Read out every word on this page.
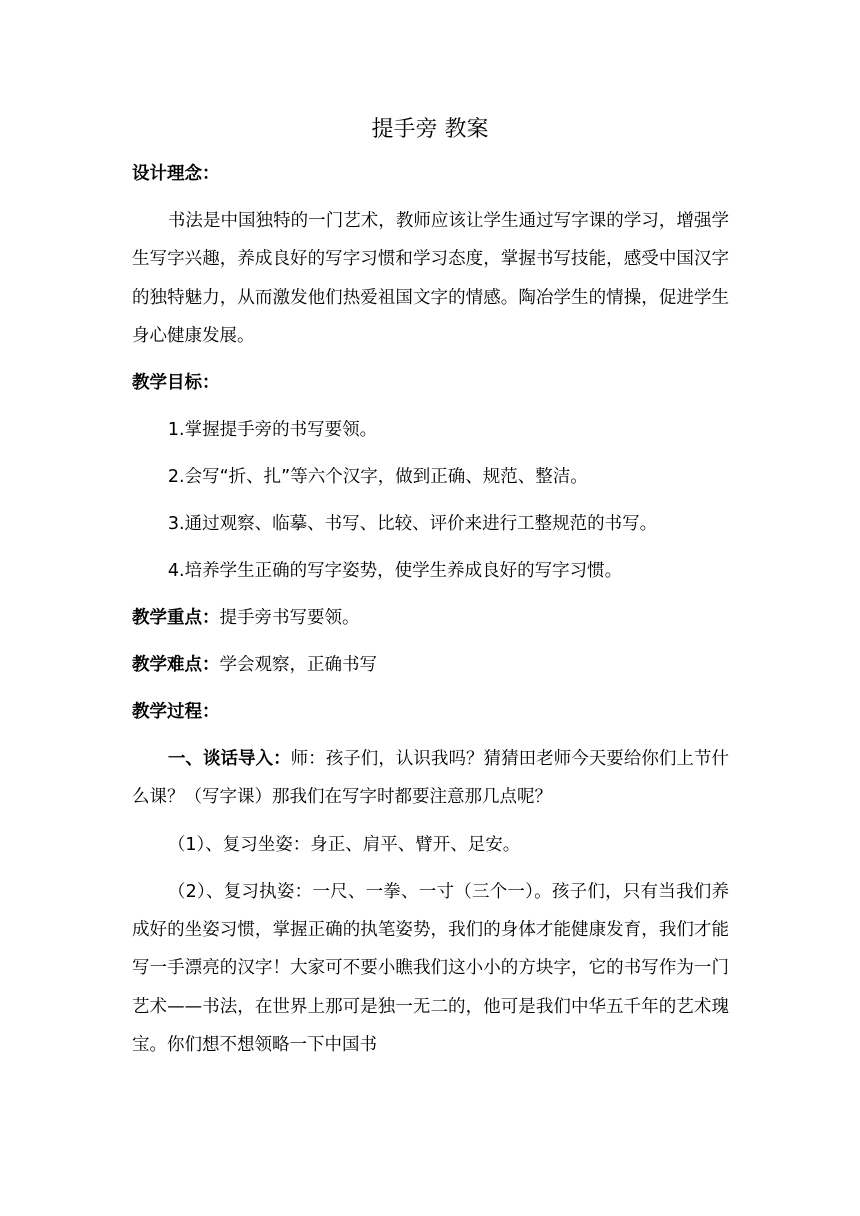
提手旁 教案

设计理念：

书法是中国独特的一门艺术，教师应该让学生通过写字课的学习，增强学生写字兴趣，养成良好的写字习惯和学习态度，掌握书写技能，感受中国汉字的独特魅力，从而激发他们热爱祖国文字的情感。陶冶学生的情操，促进学生身心健康发展。

教学目标：

1.掌握提手旁的书写要领。

2.会写“折、扎”等六个汉字，做到正确、规范、整洁。

3.通过观察、临摹、书写、比较、评价来进行工整规范的书写。

4.培养学生正确的写字姿势，使学生养成良好的写字习惯。

教学重点：提手旁书写要领。

教学难点：学会观察，正确书写

教学过程：

一、谈话导入：师：孩子们，认识我吗？猜猜田老师今天要给你们上节什么课？（写字课）那我们在写字时都要注意那几点呢？

（1）、复习坐姿：身正、肩平、臂开、足安。

（2）、复习执姿：一尺、一拳、一寸（三个一）。孩子们，只有当我们养成好的坐姿习惯，掌握正确的执笔姿势，我们的身体才能健康发育，我们才能写一手漂亮的汉字！大家可不要小瞧我们这小小的方块字，它的书写作为一门艺术——书法，在世界上那可是独一无二的，他可是我们中华五千年的艺术瑰宝。你们想不想领略一下中国书
